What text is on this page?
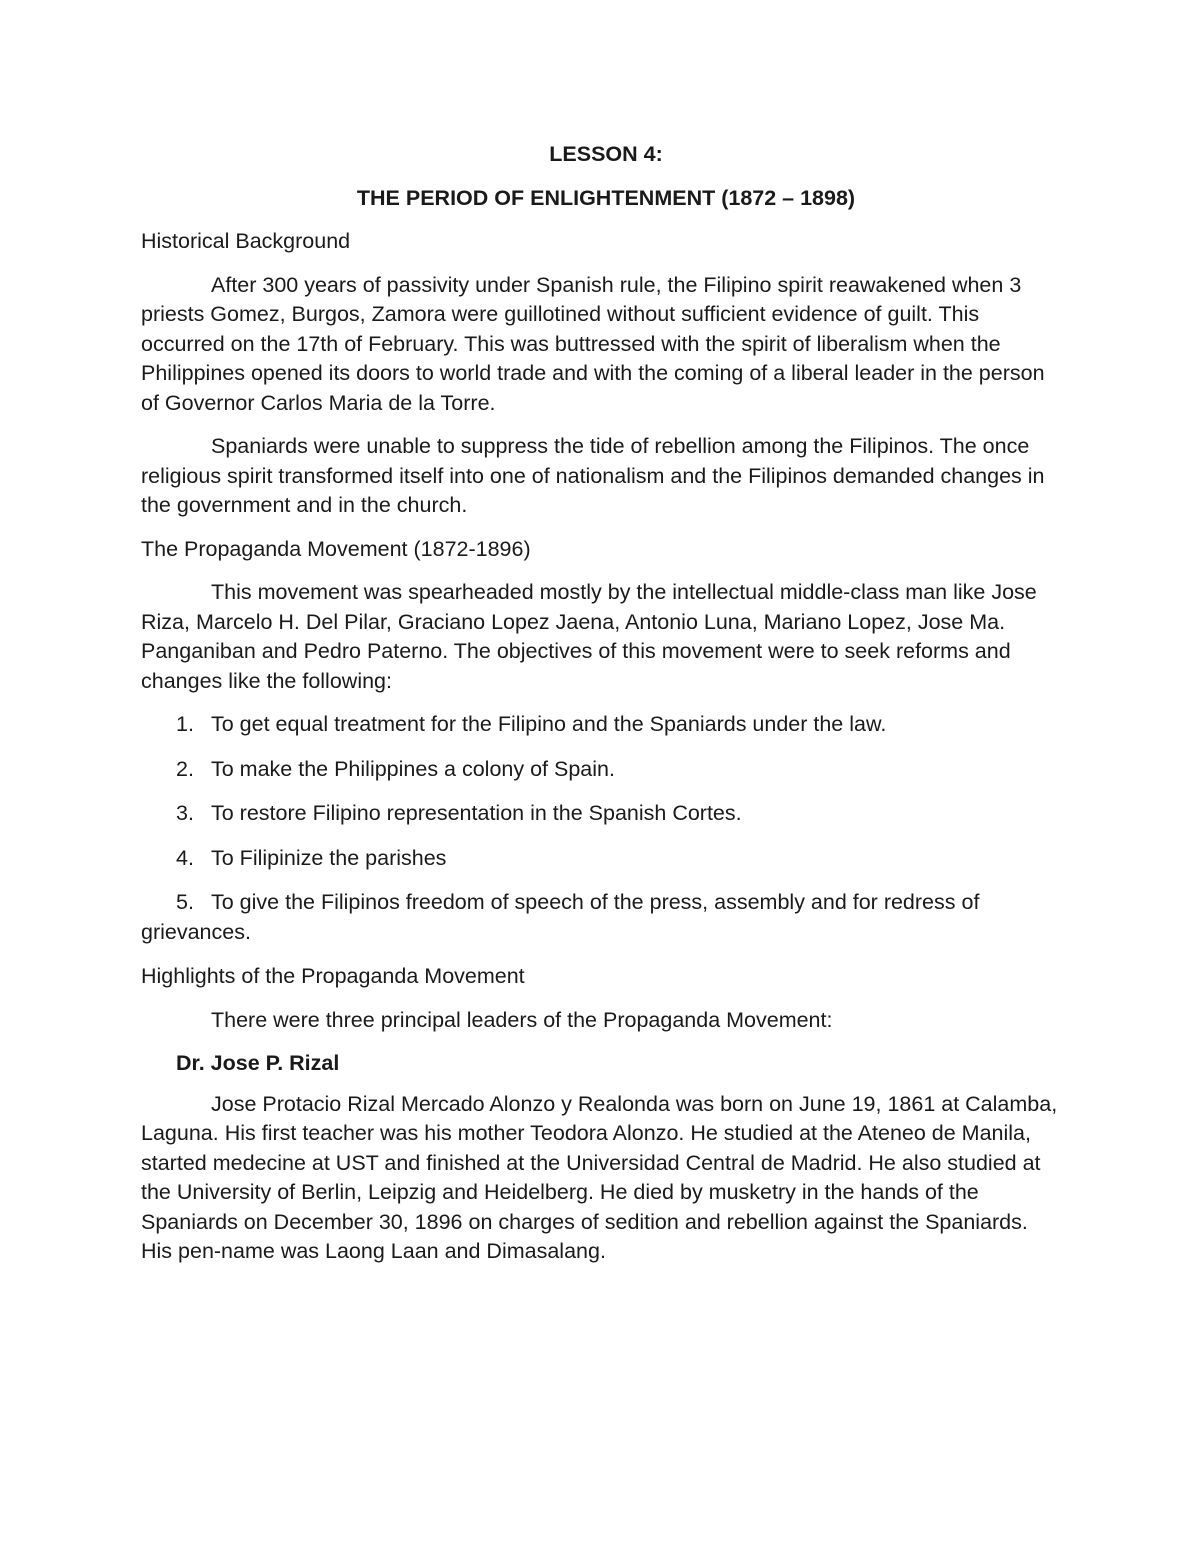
LESSON 4:

THE PERIOD OF ENLIGHTENMENT (1872 – 1898)

Historical Background

After 300 years of passivity under Spanish rule, the Filipino spirit reawakened when 3 priests Gomez, Burgos, Zamora were guillotined without sufficient evidence of guilt. This occurred on the 17th of February. This was buttressed with the spirit of liberalism when the Philippines opened its doors to world trade and with the coming of a liberal leader in the person of Governor Carlos Maria de la Torre.

Spaniards were unable to suppress the tide of rebellion among the Filipinos. The once religious spirit transformed itself into one of nationalism and the Filipinos demanded changes in the government and in the church.

The Propaganda Movement (1872-1896)

This movement was spearheaded mostly by the intellectual middle-class man like Jose Riza, Marcelo H. Del Pilar, Graciano Lopez Jaena, Antonio Luna, Mariano Lopez, Jose Ma. Panganiban and Pedro Paterno. The objectives of this movement were to seek reforms and changes like the following:

1. To get equal treatment for the Filipino and the Spaniards under the law.
2. To make the Philippines a colony of Spain.
3. To restore Filipino representation in the Spanish Cortes.
4. To Filipinize the parishes
5. To give the Filipinos freedom of speech of the press, assembly and for redress of grievances.

Highlights of the Propaganda Movement

There were three principal leaders of the Propaganda Movement:

Dr. Jose P. Rizal

Jose Protacio Rizal Mercado Alonzo y Realonda was born on June 19, 1861 at Calamba, Laguna. His first teacher was his mother Teodora Alonzo. He studied at the Ateneo de Manila, started medecine at UST and finished at the Universidad Central de Madrid. He also studied at the University of Berlin, Leipzig and Heidelberg. He died by musketry in the hands of the Spaniards on December 30, 1896 on charges of sedition and rebellion against the Spaniards. His pen-name was Laong Laan and Dimasalang.
